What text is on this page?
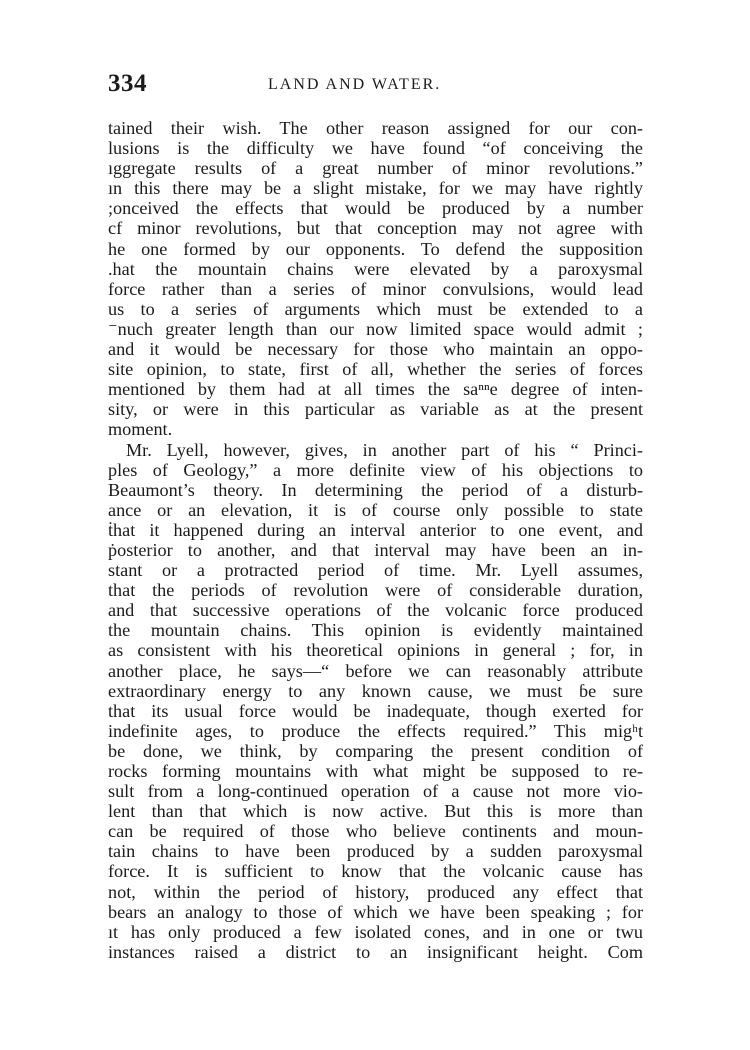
334	LAND AND WATER.
tained their wish. The other reason assigned for our con-
lusions is the difficulty we have found “of conceiving the
ıggregate results of a great number of minor revolutions.”
ın this there may be a slight mistake, for we may have rightly
;onceived the effects that would be produced by a number
cf minor revolutions, but that conception may not agree with
he one formed by our opponents. To defend the supposition
.hat the mountain chains were elevated by a paroxysmal
force rather than a series of minor convulsions, would lead
us to a series of arguments which must be extended to a
⁻nuch greater length than our now limited space would admit ;
and it would be necessary for those who maintain an oppo-
site opinion, to state, first of all, whether the series of forces
mentioned by them had at all times the saⁿⁿe degree of inten-
sity, or were in this particular as variable as at the present
moment.
Mr. Lyell, however, gives, in another part of his “ Princi-
ples of Geology,” a more definite view of his objections to
Beaumont’s theory. In determining the period of a disturb-
ance or an elevation, it is of course only possible to state
ṫhat it happened during an interval anterior to one event, and
ṗosterior to another, and that interval may have been an in-
stant or a protracted period of time. Mr. Lyell assumes,
that the periods of revolution were of considerable duration,
and that successive operations of the volcanic force produced
the mountain chains. This opinion is evidently maintained
as consistent with his theoretical opinions in general ; for, in
another place, he says—“ before we can reasonably attribute
extraordinary energy to any known cause, we must ɓe sure
that its usual force would be inadequate, though exerted for
indefinite ages, to produce the effects required.” This migʰt
be done, we think, by comparing the present condition of
rocks forming mountains with what might be supposed to re-
sult from a long-continued operation of a cause not more vio-
lent than that which is now active. But this is more than
can be required of those who believe continents and moun-
tain chains to have been produced by a sudden paroxysmal
force. It is sufficient to know that the volcanic cause has
not, within the period of history, produced any effect that
bears an analogy to those of which we have been speaking ; for
ıt has only produced a few isolated cones, and in one or twu
instances raised a district to an insignificant height. Com
